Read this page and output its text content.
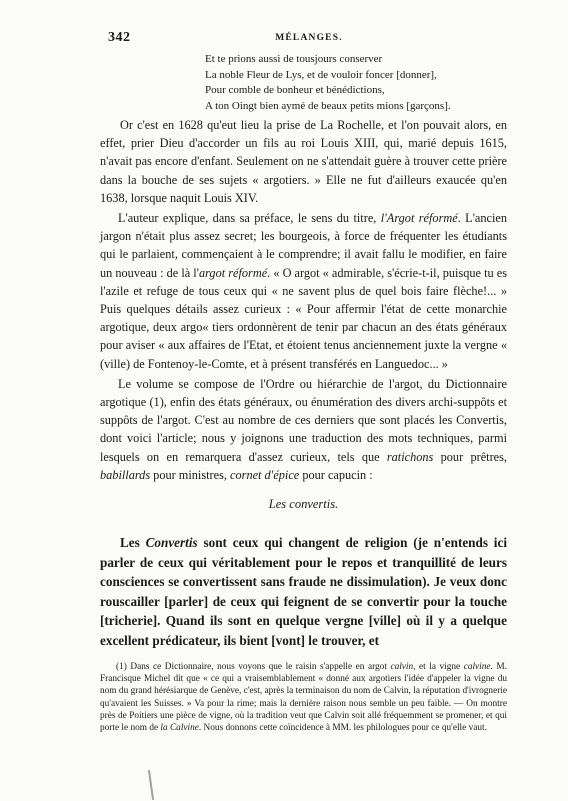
342	MÉLANGES.
Et te prions aussi de tousjours conserver
La noble Fleur de Lys, et de vouloir foncer [donner],
Pour comble de bonheur et bénédictions,
A ton Oingt bien aymé de beaux petits mions [garçons].

Or c'est en 1628 qu'eut lieu la prise de La Rochelle, et l'on pouvait alors, en effet, prier Dieu d'accorder un fils au roi Louis XIII, qui, marié depuis 1615, n'avait pas encore d'enfant. Seulement on ne s'attendait guère à trouver cette prière dans la bouche de ses sujets « argotiers. » Elle ne fut d'ailleurs exaucée qu'en 1638, lorsque naquit Louis XIV.

L'auteur explique, dans sa préface, le sens du titre, l'Argot réformé. L'ancien jargon n'était plus assez secret; les bourgeois, à force de fréquenter les étudiants qui le parlaient, commençaient à le comprendre; il avait fallu le modifier, en faire un nouveau : de là l'argot réformé. « O argot « admirable, s'écrie-t-il, puisque tu es l'azile et refuge de tous ceux qui « ne savent plus de quel bois faire flèche!... » Puis quelques détails assez curieux : « Pour affermir l'état de cette monarchie argotique, deux argo« tiers ordonnèrent de tenir par chacun an des états généraux pour aviser « aux affaires de l'Etat, et étoient tenus anciennement juxte la vergne « (ville) de Fontenoy-le-Comte, et à présent transférés en Languedoc... »

Le volume se compose de l'Ordre ou hiérarchie de l'argot, du Dictionnaire argotique (1), enfin des états généraux, ou énumération des divers archi-suppôts et suppôts de l'argot. C'est au nombre de ces derniers que sont placés les Convertis, dont voici l'article; nous y joignons une traduction des mots techniques, parmi lesquels on en remarquera d'assez curieux, tels que ratichons pour prêtres, babillards pour ministres, cornet d'épice pour capucin :

Les convertis.

Les Convertis sont ceux qui changent de religion (je n'entends ici parler de ceux qui véritablement pour le repos et tranquillité de leurs consciences se convertissent sans fraude ne dissimulation). Je veux donc rouscailler [parler] de ceux qui feignent de se convertir pour la touche [tricherie]. Quand ils sont en quelque vergne [ville] où il y a quelque excellent prédicateur, ils bient [vont] le trouver, et

(1) Dans ce Dictionnaire, nous voyons que le raisin s'appelle en argot calvin, et la vigne calvine. M. Francisque Michel dit que « ce qui a vraisemblablement « donné aux argotiers l'idée d'appeler la vigne du nom du grand hérésiarque de Genève, c'est, après la terminaison du nom de Calvin, la réputation d'ivrognerie qu'avaient les Suisses. » Va pour la rime; mais la dernière raison nous semble un peu faible. — On montre près de Poitiers une pièce de vigne, où la tradition veut que Calvin soit allé fréquemment se promener, et qui porte le nom de la Calvine. Nous donnons cette coïncidence à MM. les philologues pour ce qu'elle vaut.
